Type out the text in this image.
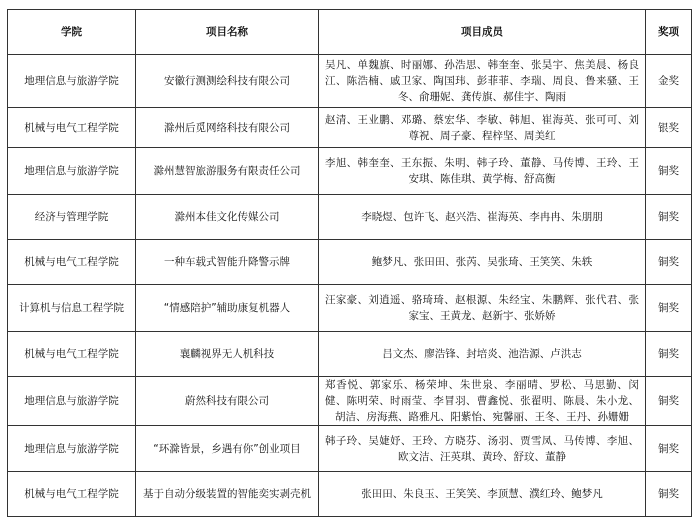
学院	项目名称	项目成员	奖项
地理信息与旅游学院	安徽行测测绘科技有限公司	吴凡、单魏旗、时丽娜、孙浩思、韩奎奎、张昊宇、焦美晨、杨良江、陈浩楠、戚卫家、陶国玮、彭菲菲、李瑞、周良、鲁来骚、王冬、俞珊妮、龚传旗、郝佳宇、陶雨	金奖
机械与电气工程学院	滁州后觅网络科技有限公司	赵清、王业鹏、邓璐、蔡宏华、李敏、韩旭、崔海英、张可可、刘尊祝、周子豪、程梓坚、周美红	银奖
地理信息与旅游学院	滁州慧智旅游服务有限责任公司	李旭、韩奎奎、王东振、朱明、韩子玲、董静、马传博、王玲、王安琪、陈佳琪、黄学梅、舒高衡	铜奖
经济与管理学院	滁州本佳文化传媒公司	李晓煜、包许飞、赵兴浩、崔海英、李冉冉、朱朋朋	铜奖
机械与电气工程学院	一种车载式智能升降警示牌	鲍梦凡、张田田、张芮、吴张琦、王笑笑、朱轶	铜奖
计算机与信息工程学院	“情感陪护”辅助康复机器人	汪家豪、刘逍遥、骆琦琦、赵根源、朱经宝、朱鹏辉、张代君、张家宝、王黄龙、赵新宇、张娇娇	铜奖
机械与电气工程学院	襄麟视界无人机科技	吕文杰、廖浩锋、封培炎、池浩源、卢洪志	铜奖
地理信息与旅游学院	蔚然科技有限公司	郑香悦、郭家乐、杨荣坤、朱世泉、李丽晴、罗松、马思勤、闵健、陈明荣、时雨莹、李冒羽、曹鑫悦、张翟明、陈晨、朱小龙、胡洁、房海燕、路雅凡、阳紫怡、宛馨丽、王冬、王丹、孙姗姗	铜奖
地理信息与旅游学院	“环滁皆景，乡遇有你”创业项目	韩子玲、吴婕妤、王玲、方晓芬、汤羽、贾雪凤、马传博、李旭、欧文洁、汪英琪、黄玲、舒玟、董静	铜奖
机械与电气工程学院	基于自动分级装置的智能奕实剥壳机	张田田、朱良玉、王笑笑、李顶慧、濮红玲、鲍梦凡	铜奖
